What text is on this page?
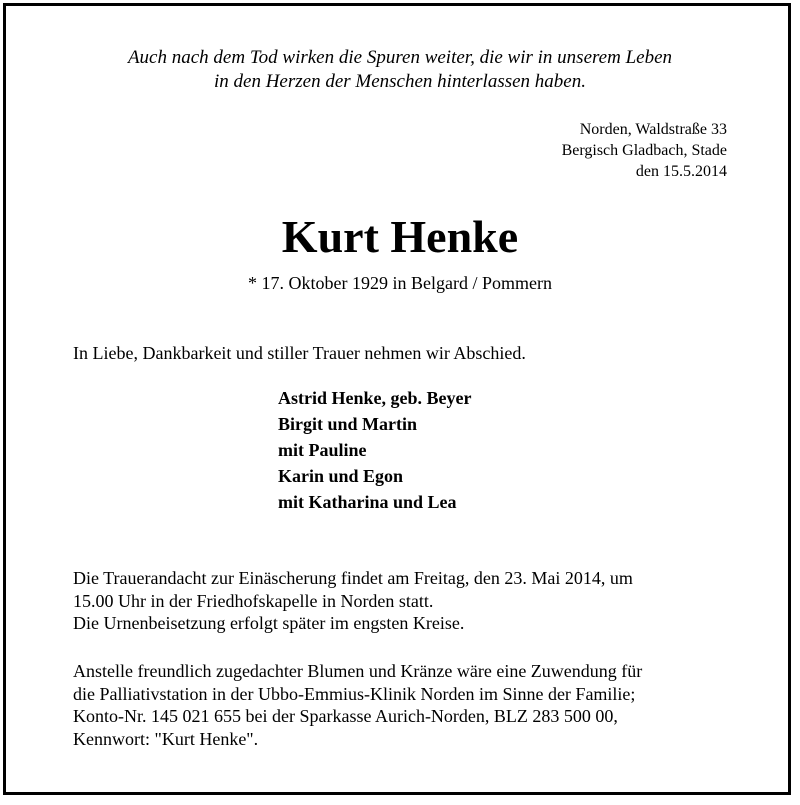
Auch nach dem Tod wirken die Spuren weiter, die wir in unserem Leben
in den Herzen der Menschen hinterlassen haben.
Norden, Waldstraße 33
Bergisch Gladbach, Stade
den 15.5.2014
Kurt Henke
* 17. Oktober 1929 in Belgard / Pommern
In Liebe, Dankbarkeit und stiller Trauer nehmen wir Abschied.
Astrid Henke, geb. Beyer
Birgit und Martin
mit Pauline
Karin und Egon
mit Katharina und Lea
Die Trauerandacht zur Einäscherung findet am Freitag, den 23. Mai 2014, um
15.00 Uhr in der Friedhofskapelle in Norden statt.
Die Urnenbeisetzung erfolgt später im engsten Kreise.
Anstelle freundlich zugedachter Blumen und Kränze wäre eine Zuwendung für
die Palliativstation in der Ubbo-Emmius-Klinik Norden im Sinne der Familie;
Konto-Nr. 145 021 655 bei der Sparkasse Aurich-Norden, BLZ 283 500 00,
Kennwort: "Kurt Henke".
